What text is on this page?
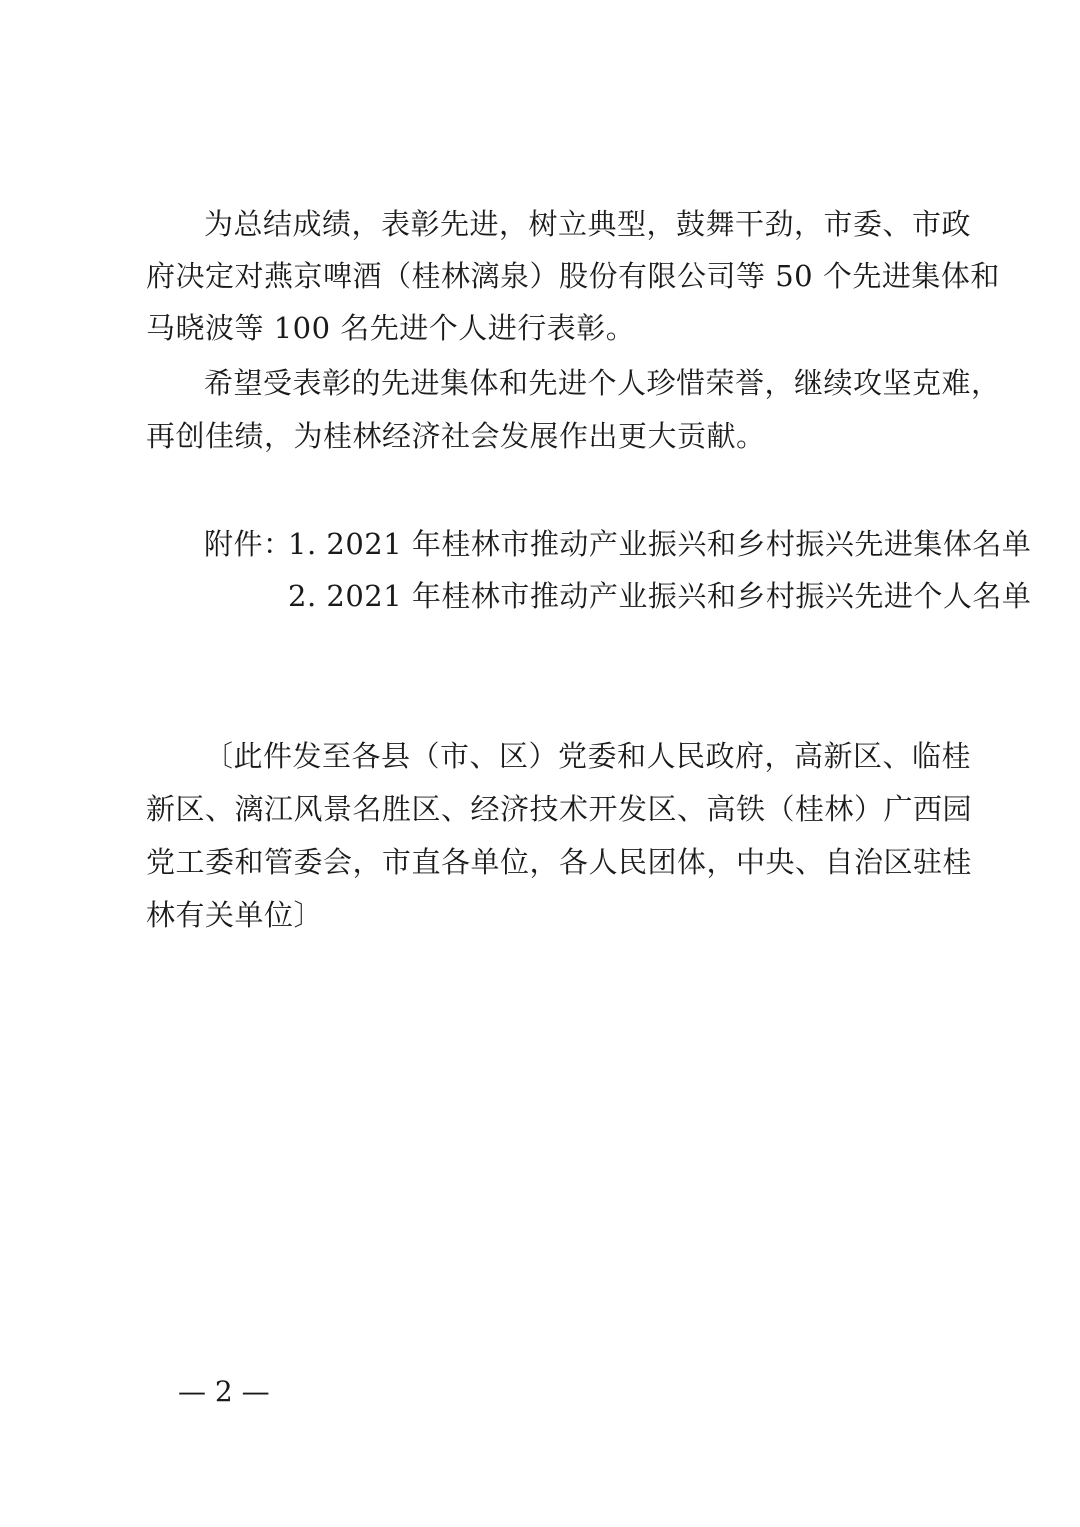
为总结成绩，表彰先进，树立典型，鼓舞干劲，市委、市政
府决定对燕京啤酒（桂林漓泉）股份有限公司等 50 个先进集体和
马晓波等 100 名先进个人进行表彰。
希望受表彰的先进集体和先进个人珍惜荣誉，继续攻坚克难，
再创佳绩，为桂林经济社会发展作出更大贡献。
附件：
1. 2021 年桂林市推动产业振兴和乡村振兴先进集体名单
2. 2021 年桂林市推动产业振兴和乡村振兴先进个人名单
〔此件发至各县（市、区）党委和人民政府，高新区、临桂
新区、漓江风景名胜区、经济技术开发区、高铁（桂林）广西园
党工委和管委会，市直各单位，各人民团体，中央、自治区驻桂
林有关单位〕
— 2 —
